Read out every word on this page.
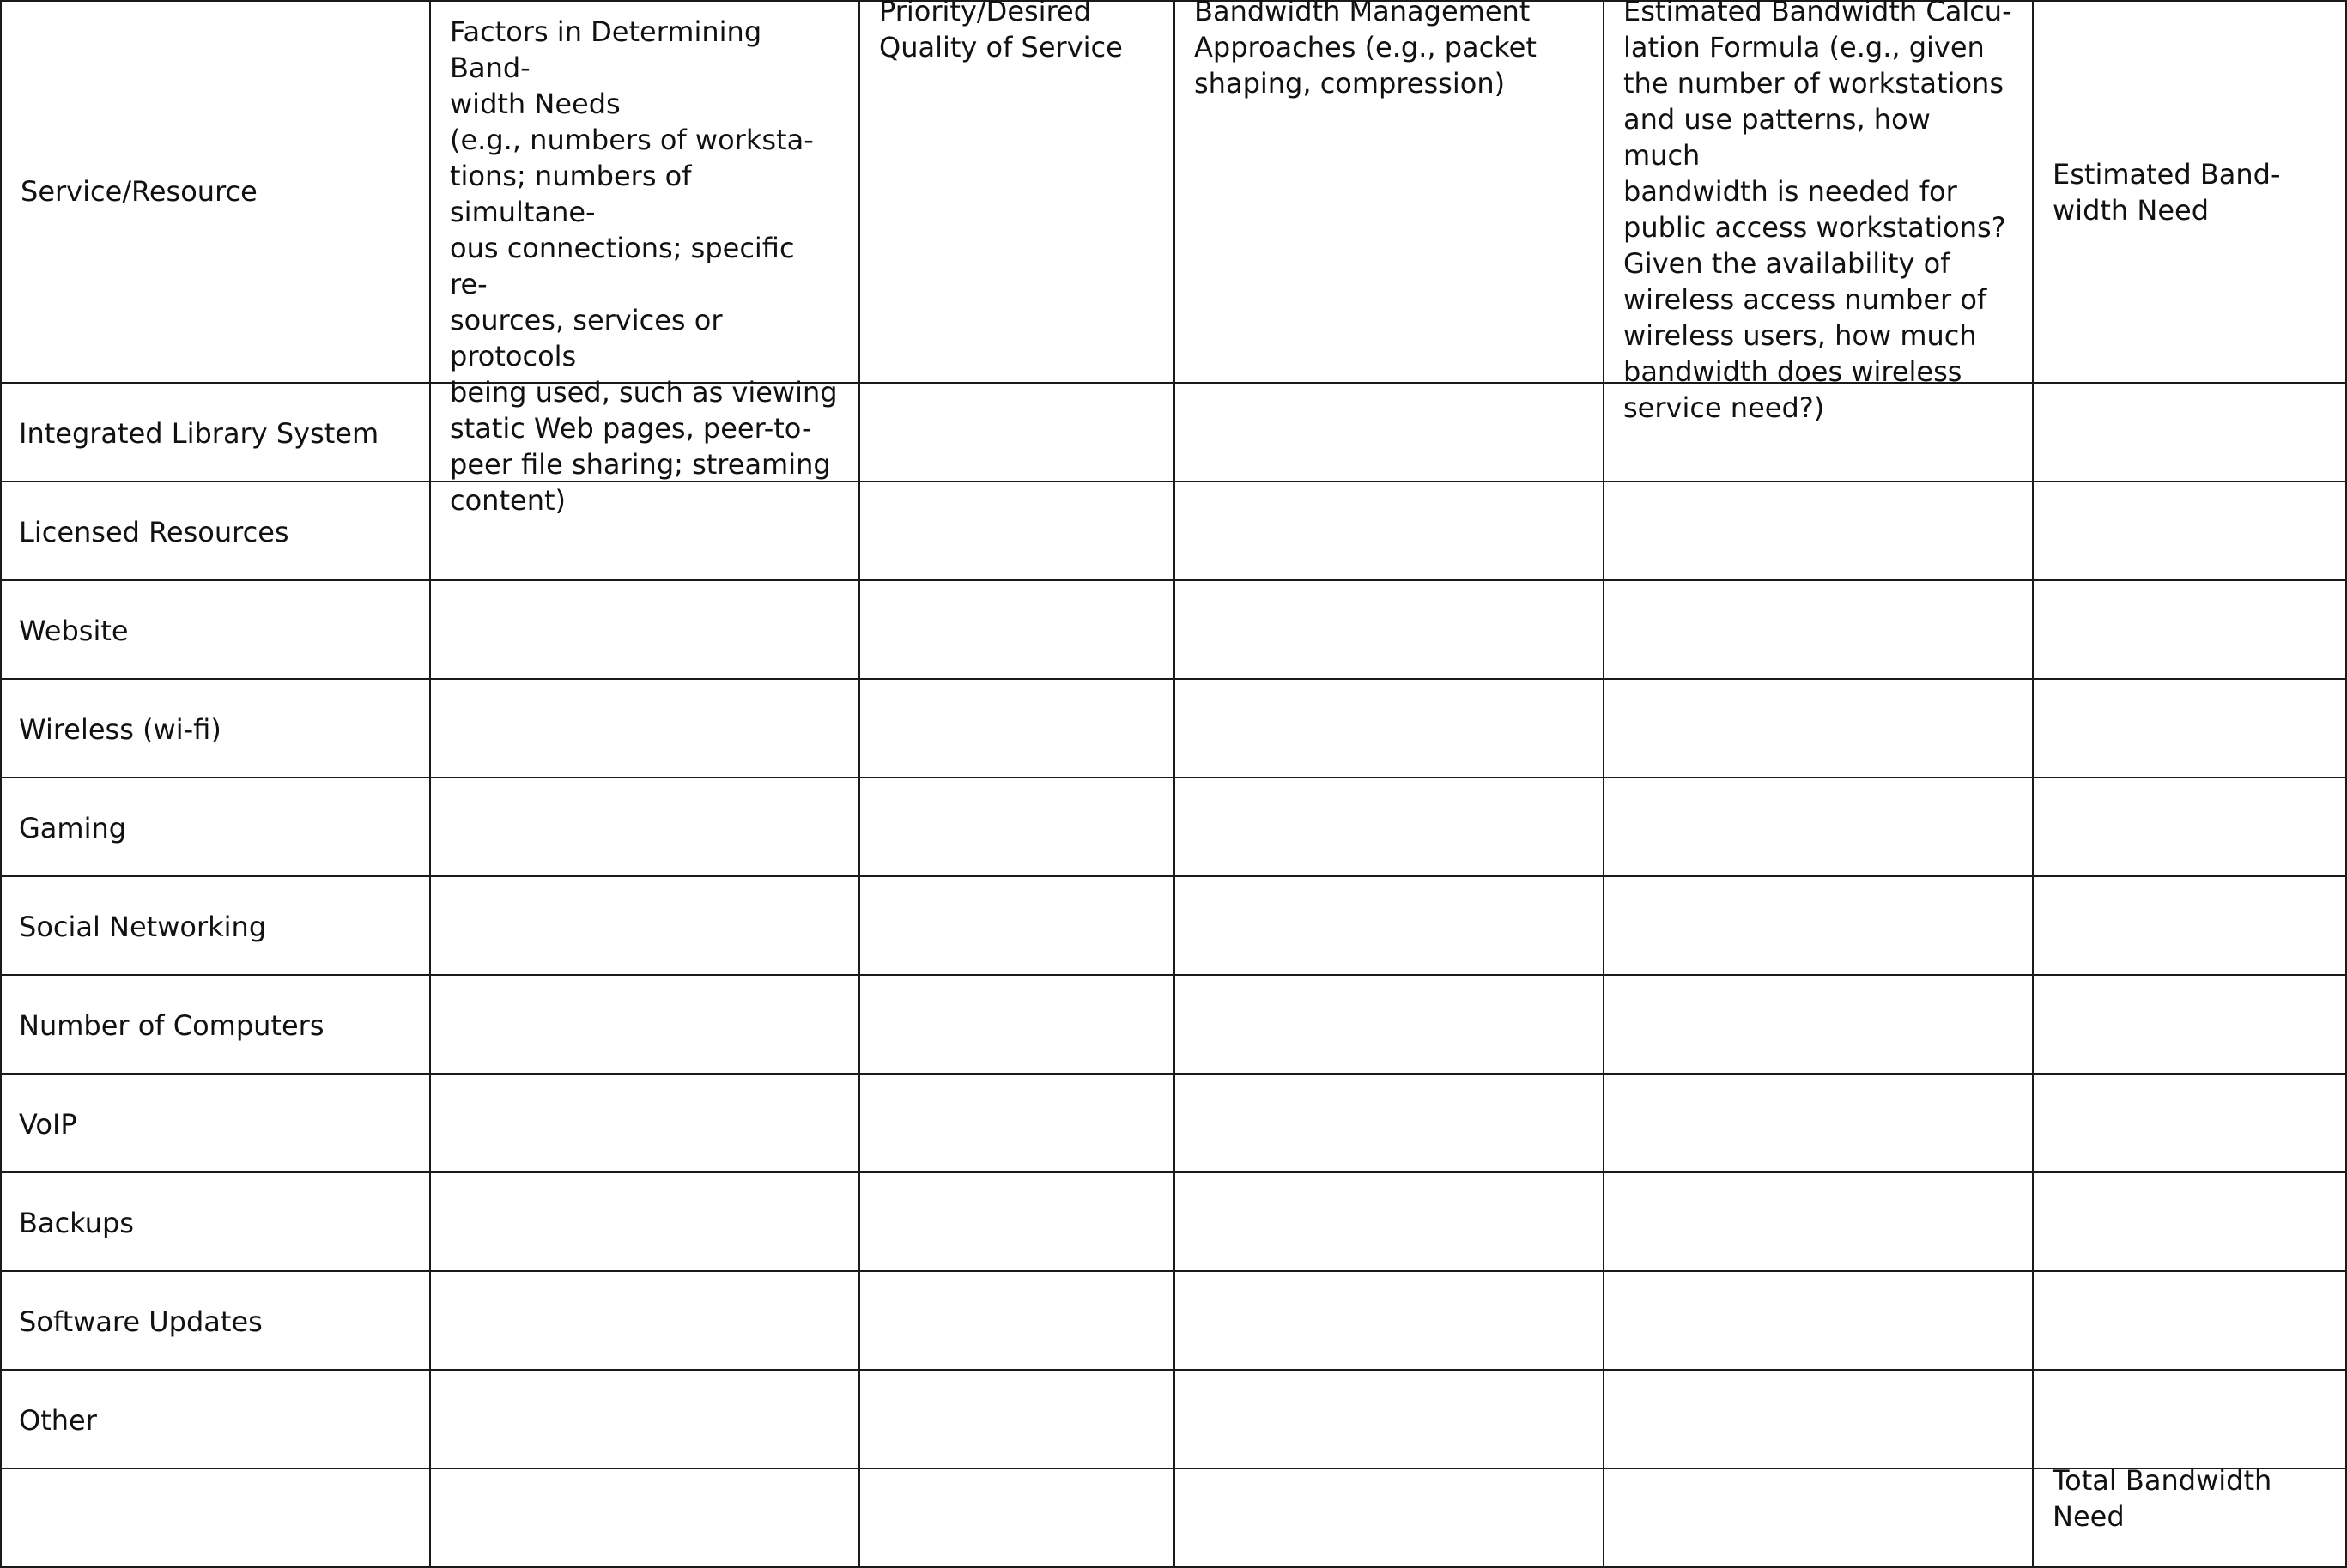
Service/Resource
Factors in Determining Band-
width Needs
(e.g., numbers of worksta-
tions; numbers of simultane-
ous connections; specific re-
sources, services or protocols
being used, such as viewing
static Web pages, peer-to-
peer file sharing; streaming
content)
Priority/Desired
Quality of Service
Bandwidth Management
Approaches (e.g., packet
shaping, compression)
Estimated Bandwidth Calcu-
lation Formula (e.g., given
the number of workstations
and use patterns, how much
bandwidth is needed for
public access workstations?
Given the availability of
wireless access number of
wireless users, how much
bandwidth does wireless
service need?)
Estimated Band-
width Need
Integrated Library System
Licensed Resources
Website
Wireless (wi-fi)
Gaming
Social Networking
Number of Computers
VoIP
Backups
Software Updates
Other
Total Bandwidth
Need
